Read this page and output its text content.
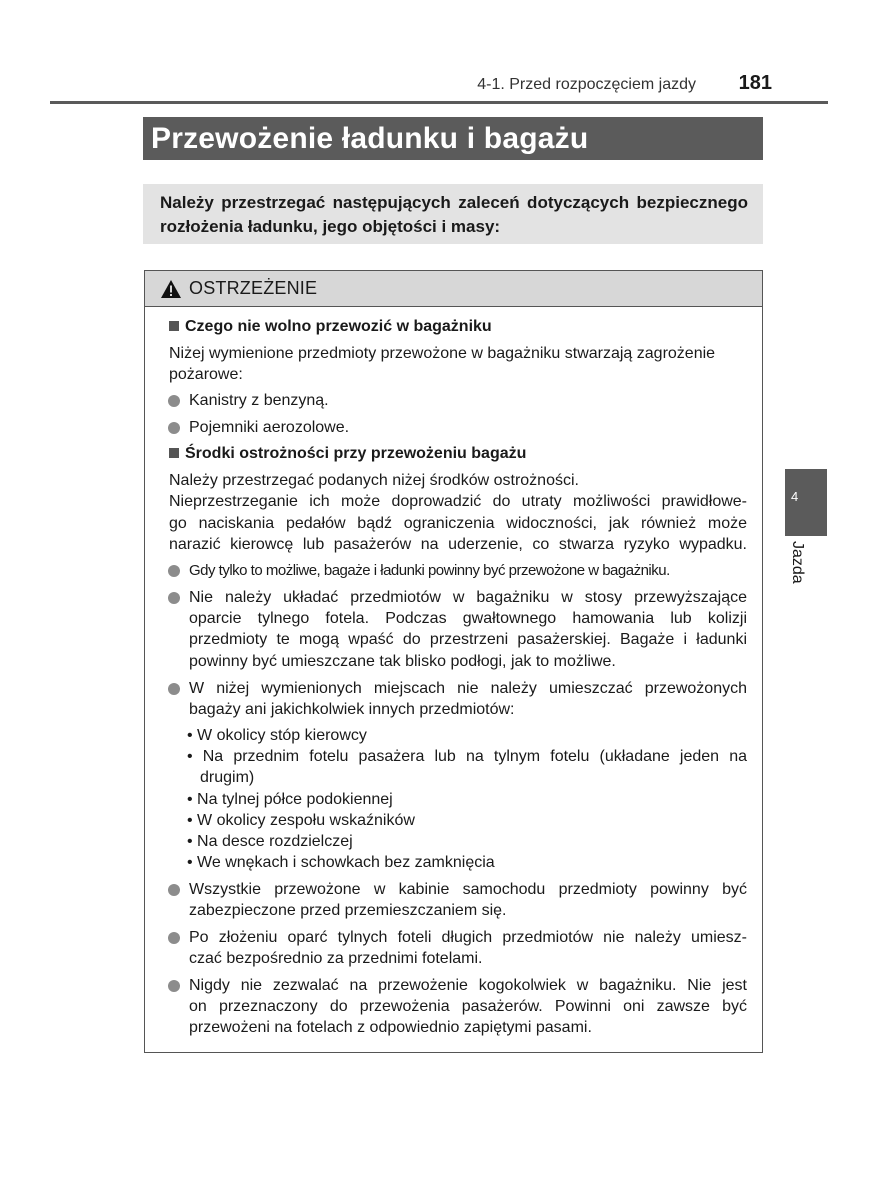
4-1. Przed rozpoczęciem jazdy 181
Przewożenie ładunku i bagażu

Należy przestrzegać następujących zaleceń dotyczących bezpiecznego rozłożenia ładunku, jego objętości i masy:

OSTRZEŻENIE
Czego nie wolno przewozić w bagażniku
Niżej wymienione przedmioty przewożone w bagażniku stwarzają zagrożenie
pożarowe:
Kanistry z benzyną.
Pojemniki aerozolowe.
Środki ostrożności przy przewożeniu bagażu
Należy przestrzegać podanych niżej środków ostrożności.
Nieprzestrzeganie ich może doprowadzić do utraty możliwości prawidłowe-
go naciskania pedałów bądź ograniczenia widoczności, jak również może
narazić kierowcę lub pasażerów na uderzenie, co stwarza ryzyko wypadku.
Gdy tylko to możliwe, bagaże i ładunki powinny być przewożone w bagażniku.
Nie należy układać przedmiotów w bagażniku w stosy przewyższające
oparcie tylnego fotela. Podczas gwałtownego hamowania lub kolizji
przedmioty te mogą wpaść do przestrzeni pasażerskiej. Bagaże i ładunki
powinny być umieszczane tak blisko podłogi, jak to możliwe.
W niżej wymienionych miejscach nie należy umieszczać przewożonych
bagaży ani jakichkolwiek innych przedmiotów:
• W okolicy stóp kierowcy
• Na przednim fotelu pasażera lub na tylnym fotelu (układane jeden na
drugim)
• Na tylnej półce podokiennej
• W okolicy zespołu wskaźników
• Na desce rozdzielczej
• We wnękach i schowkach bez zamknięcia
Wszystkie przewożone w kabinie samochodu przedmioty powinny być
zabezpieczone przed przemieszczaniem się.
Po złożeniu oparć tylnych foteli długich przedmiotów nie należy umiesz-
czać bezpośrednio za przednimi fotelami.
Nigdy nie zezwalać na przewożenie kogokolwiek w bagażniku. Nie jest
on przeznaczony do przewożenia pasażerów. Powinni oni zawsze być
przewożeni na fotelach z odpowiednio zapiętymi pasami.
4
Jazda
